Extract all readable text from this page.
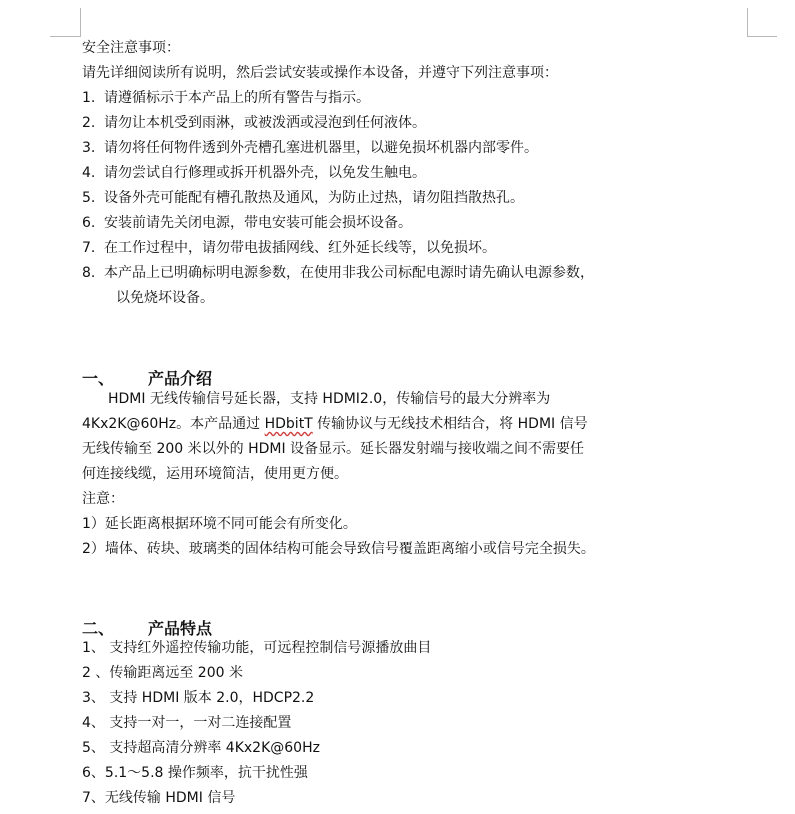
安全注意事项：
请先详细阅读所有说明，然后尝试安装或操作本设备，并遵守下列注意事项：
1. 请遵循标示于本产品上的所有警告与指示。
2. 请勿让本机受到雨淋，或被泼洒或浸泡到任何液体。
3. 请勿将任何物件透到外壳槽孔塞进机器里，以避免损坏机器内部零件。
4. 请勿尝试自行修理或拆开机器外壳，以免发生触电。
5. 设备外壳可能配有槽孔散热及通风，为防止过热，请勿阻挡散热孔。
6. 安装前请先关闭电源，带电安装可能会损坏设备。
7. 在工作过程中，请勿带电拔插网线、红外延长线等，以免损坏。
8. 本产品上已明确标明电源参数，在使用非我公司标配电源时请先确认电源参数，
以免烧坏设备。
一、 产品介绍
HDMI 无线传输信号延长器，支持 HDMI2.0，传输信号的最大分辨率为
4Kx2K@60Hz。本产品通过 HDbitT 传输协议与无线技术相结合，将 HDMI 信号
无线传输至 200 米以外的 HDMI 设备显示。延长器发射端与接收端之间不需要任
何连接线缆，运用环境简洁，使用更方便。
注意：
1）延长距离根据环境不同可能会有所变化。
2）墙体、砖块、玻璃类的固体结构可能会导致信号覆盖距离缩小或信号完全损失。
二、 产品特点
1、 支持红外遥控传输功能，可远程控制信号源播放曲目
2 、传输距离远至 200 米
3、 支持 HDMI 版本 2.0，HDCP2.2
4、 支持一对一，一对二连接配置
5、 支持超高清分辨率 4Kx2K@60Hz
6、5.1～5.8 操作频率，抗干扰性强
7、无线传输 HDMI 信号
